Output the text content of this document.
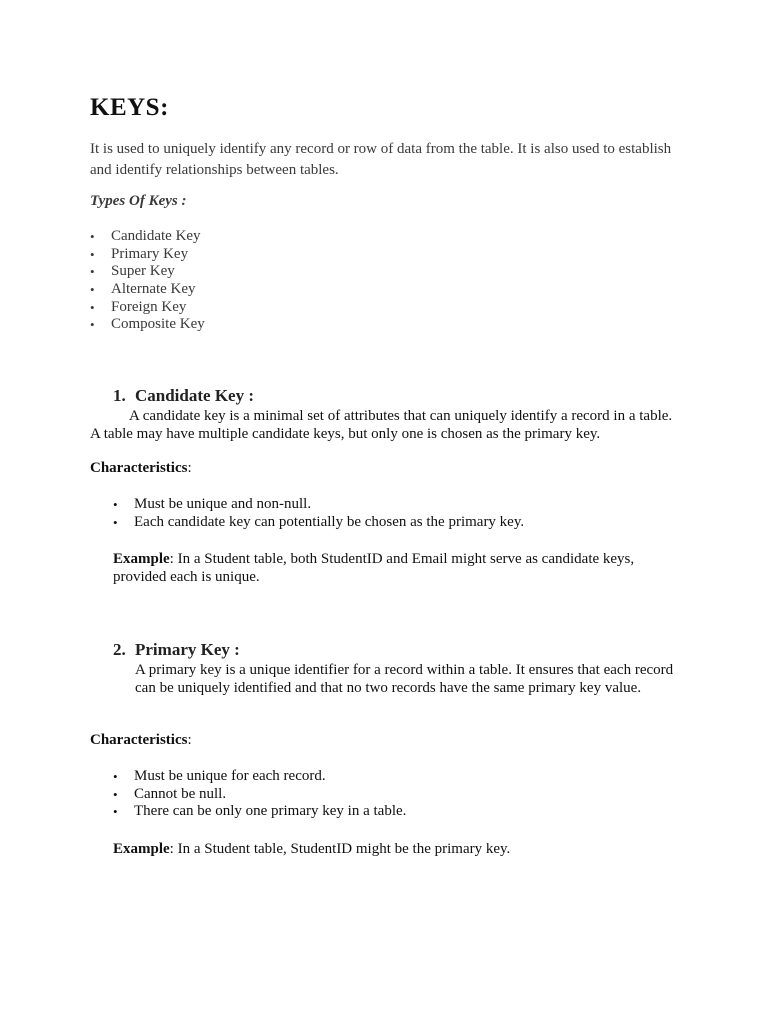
KEYS:
It is used to uniquely identify any record or row of data from the table. It is also used to establish and identify relationships between tables.
Types Of Keys :
• Candidate Key
• Primary Key
• Super Key
• Alternate Key
• Foreign Key
• Composite Key
1. Candidate Key :
A candidate key is a minimal set of attributes that can uniquely identify a record in a table.
A table may have multiple candidate keys, but only one is chosen as the primary key.
Characteristics:
• Must be unique and non-null.
• Each candidate key can potentially be chosen as the primary key.
Example: In a Student table, both StudentID and Email might serve as candidate keys,
provided each is unique.
2. Primary Key :
A primary key is a unique identifier for a record within a table. It ensures that each record
can be uniquely identified and that no two records have the same primary key value.
Characteristics:
• Must be unique for each record.
• Cannot be null.
• There can be only one primary key in a table.
Example: In a Student table, StudentID might be the primary key.
